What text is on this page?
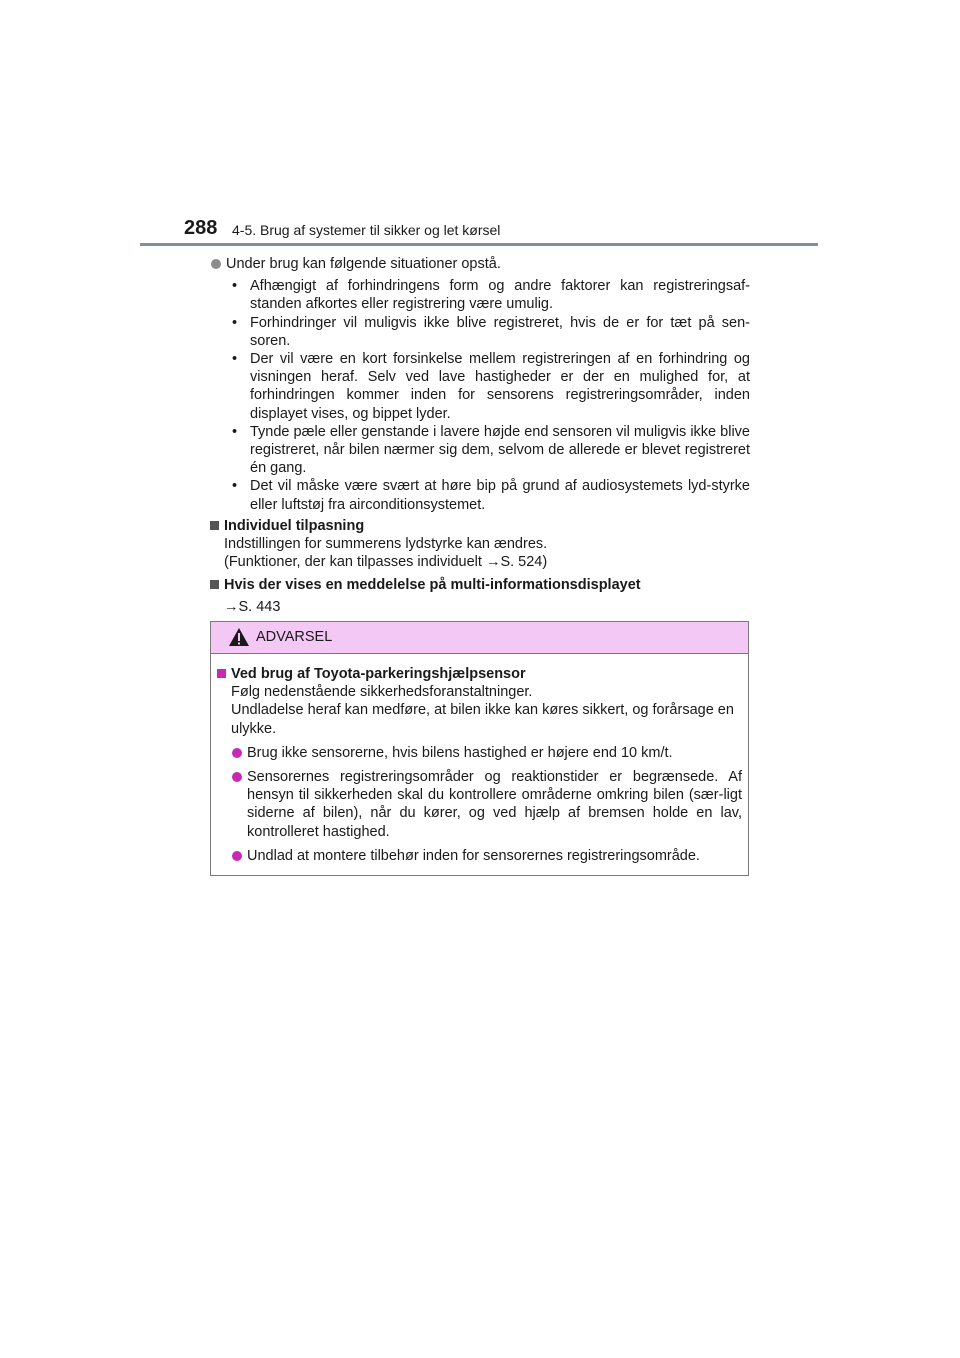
288 4-5. Brug af systemer til sikker og let kørsel

Under brug kan følgende situationer opstå.

• Afhængigt af forhindringens form og andre faktorer kan registreringsaf-standen afkortes eller registrering være umulig.
• Forhindringer vil muligvis ikke blive registreret, hvis de er for tæt på sen-soren.
• Der vil være en kort forsinkelse mellem registreringen af en forhindring og visningen heraf. Selv ved lave hastigheder er der en mulighed for, at forhindringen kommer inden for sensorens registreringsområder, inden displayet vises, og bippet lyder.
• Tynde pæle eller genstande i lavere højde end sensoren vil muligvis ikke blive registreret, når bilen nærmer sig dem, selvom de allerede er blevet registreret én gang.
• Det vil måske være svært at høre bip på grund af audiosystemets lyd-styrke eller luftstøj fra airconditionsystemet.

Individuel tilpasning

Indstillingen for summerens lydstyrke kan ændres.

(Funktioner, der kan tilpasses individuelt →S. 524)

Hvis der vises en meddelelse på multi-informationsdisplayet

→S. 443

ADVARSEL

Ved brug af Toyota-parkeringshjælpsensor

Følg nedenstående sikkerhedsforanstaltninger.
Undladelse heraf kan medføre, at bilen ikke kan køres sikkert, og forårsage en ulykke.

Brug ikke sensorerne, hvis bilens hastighed er højere end 10 km/t.

Sensorernes registreringsområder og reaktionstider er begrænsede. Af hensyn til sikkerheden skal du kontrollere områderne omkring bilen (sær-ligt siderne af bilen), når du kører, og ved hjælp af bremsen holde en lav, kontrolleret hastighed.

Undlad at montere tilbehør inden for sensorernes registreringsområde.
